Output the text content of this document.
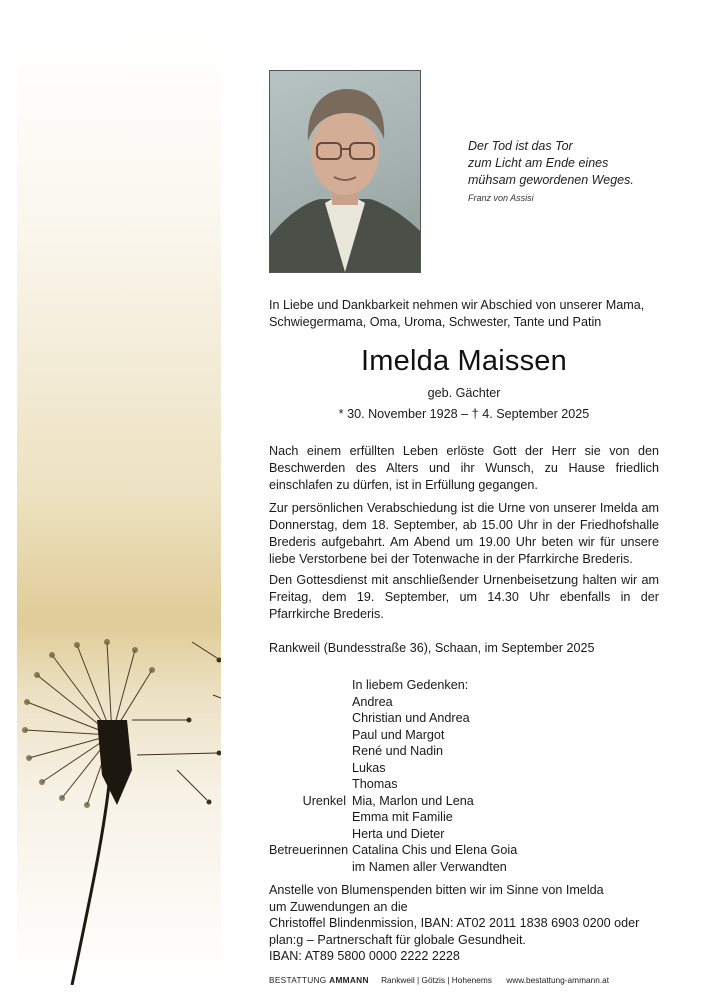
Der Tod ist das Tor
zum Licht am Ende eines
mühsam gewordenen Weges.
Franz von Assisi
In Liebe und Dankbarkeit nehmen wir Abschied von unserer Mama, Schwiegermama, Oma, Uroma, Schwester, Tante und Patin
Imelda Maissen
geb. Gächter
* 30. November 1928 – † 4. September 2025
Nach einem erfüllten Leben erlöste Gott der Herr sie von den Beschwerden des Alters und ihr Wunsch, zu Hause friedlich einschlafen zu dürfen, ist in Erfüllung gegangen.
Zur persönlichen Verabschiedung ist die Urne von unserer Imelda am Donnerstag, dem 18. September, ab 15.00 Uhr in der Friedhofshalle Brederis aufgebahrt. Am Abend um 19.00 Uhr beten wir für unsere liebe Verstorbene bei der Totenwache in der Pfarrkirche Brederis.
Den Gottesdienst mit anschließender Urnenbeisetzung halten wir am Freitag, dem 19. September, um 14.30 Uhr ebenfalls in der Pfarrkirche Brederis.
Rankweil (Bundesstraße 36), Schaan, im September 2025
In liebem Gedenken:
Andrea
Christian und Andrea
Paul und Margot
René und Nadin
Lukas
Thomas
Urenkel Mia, Marlon und Lena
Emma mit Familie
Herta und Dieter
Betreuerinnen Catalina Chis und Elena Goia
im Namen aller Verwandten
Anstelle von Blumenspenden bitten wir im Sinne von Imelda
um Zuwendungen an die
Christoffel Blindenmission, IBAN: AT02 2011 1838 6903 0200 oder
plan:g – Partnerschaft für globale Gesundheit.
IBAN: AT89 5800 0000 2222 2228
BESTATTUNG AMMANN Rankweil | Götzis | Hohenems www.bestattung-ammann.at
